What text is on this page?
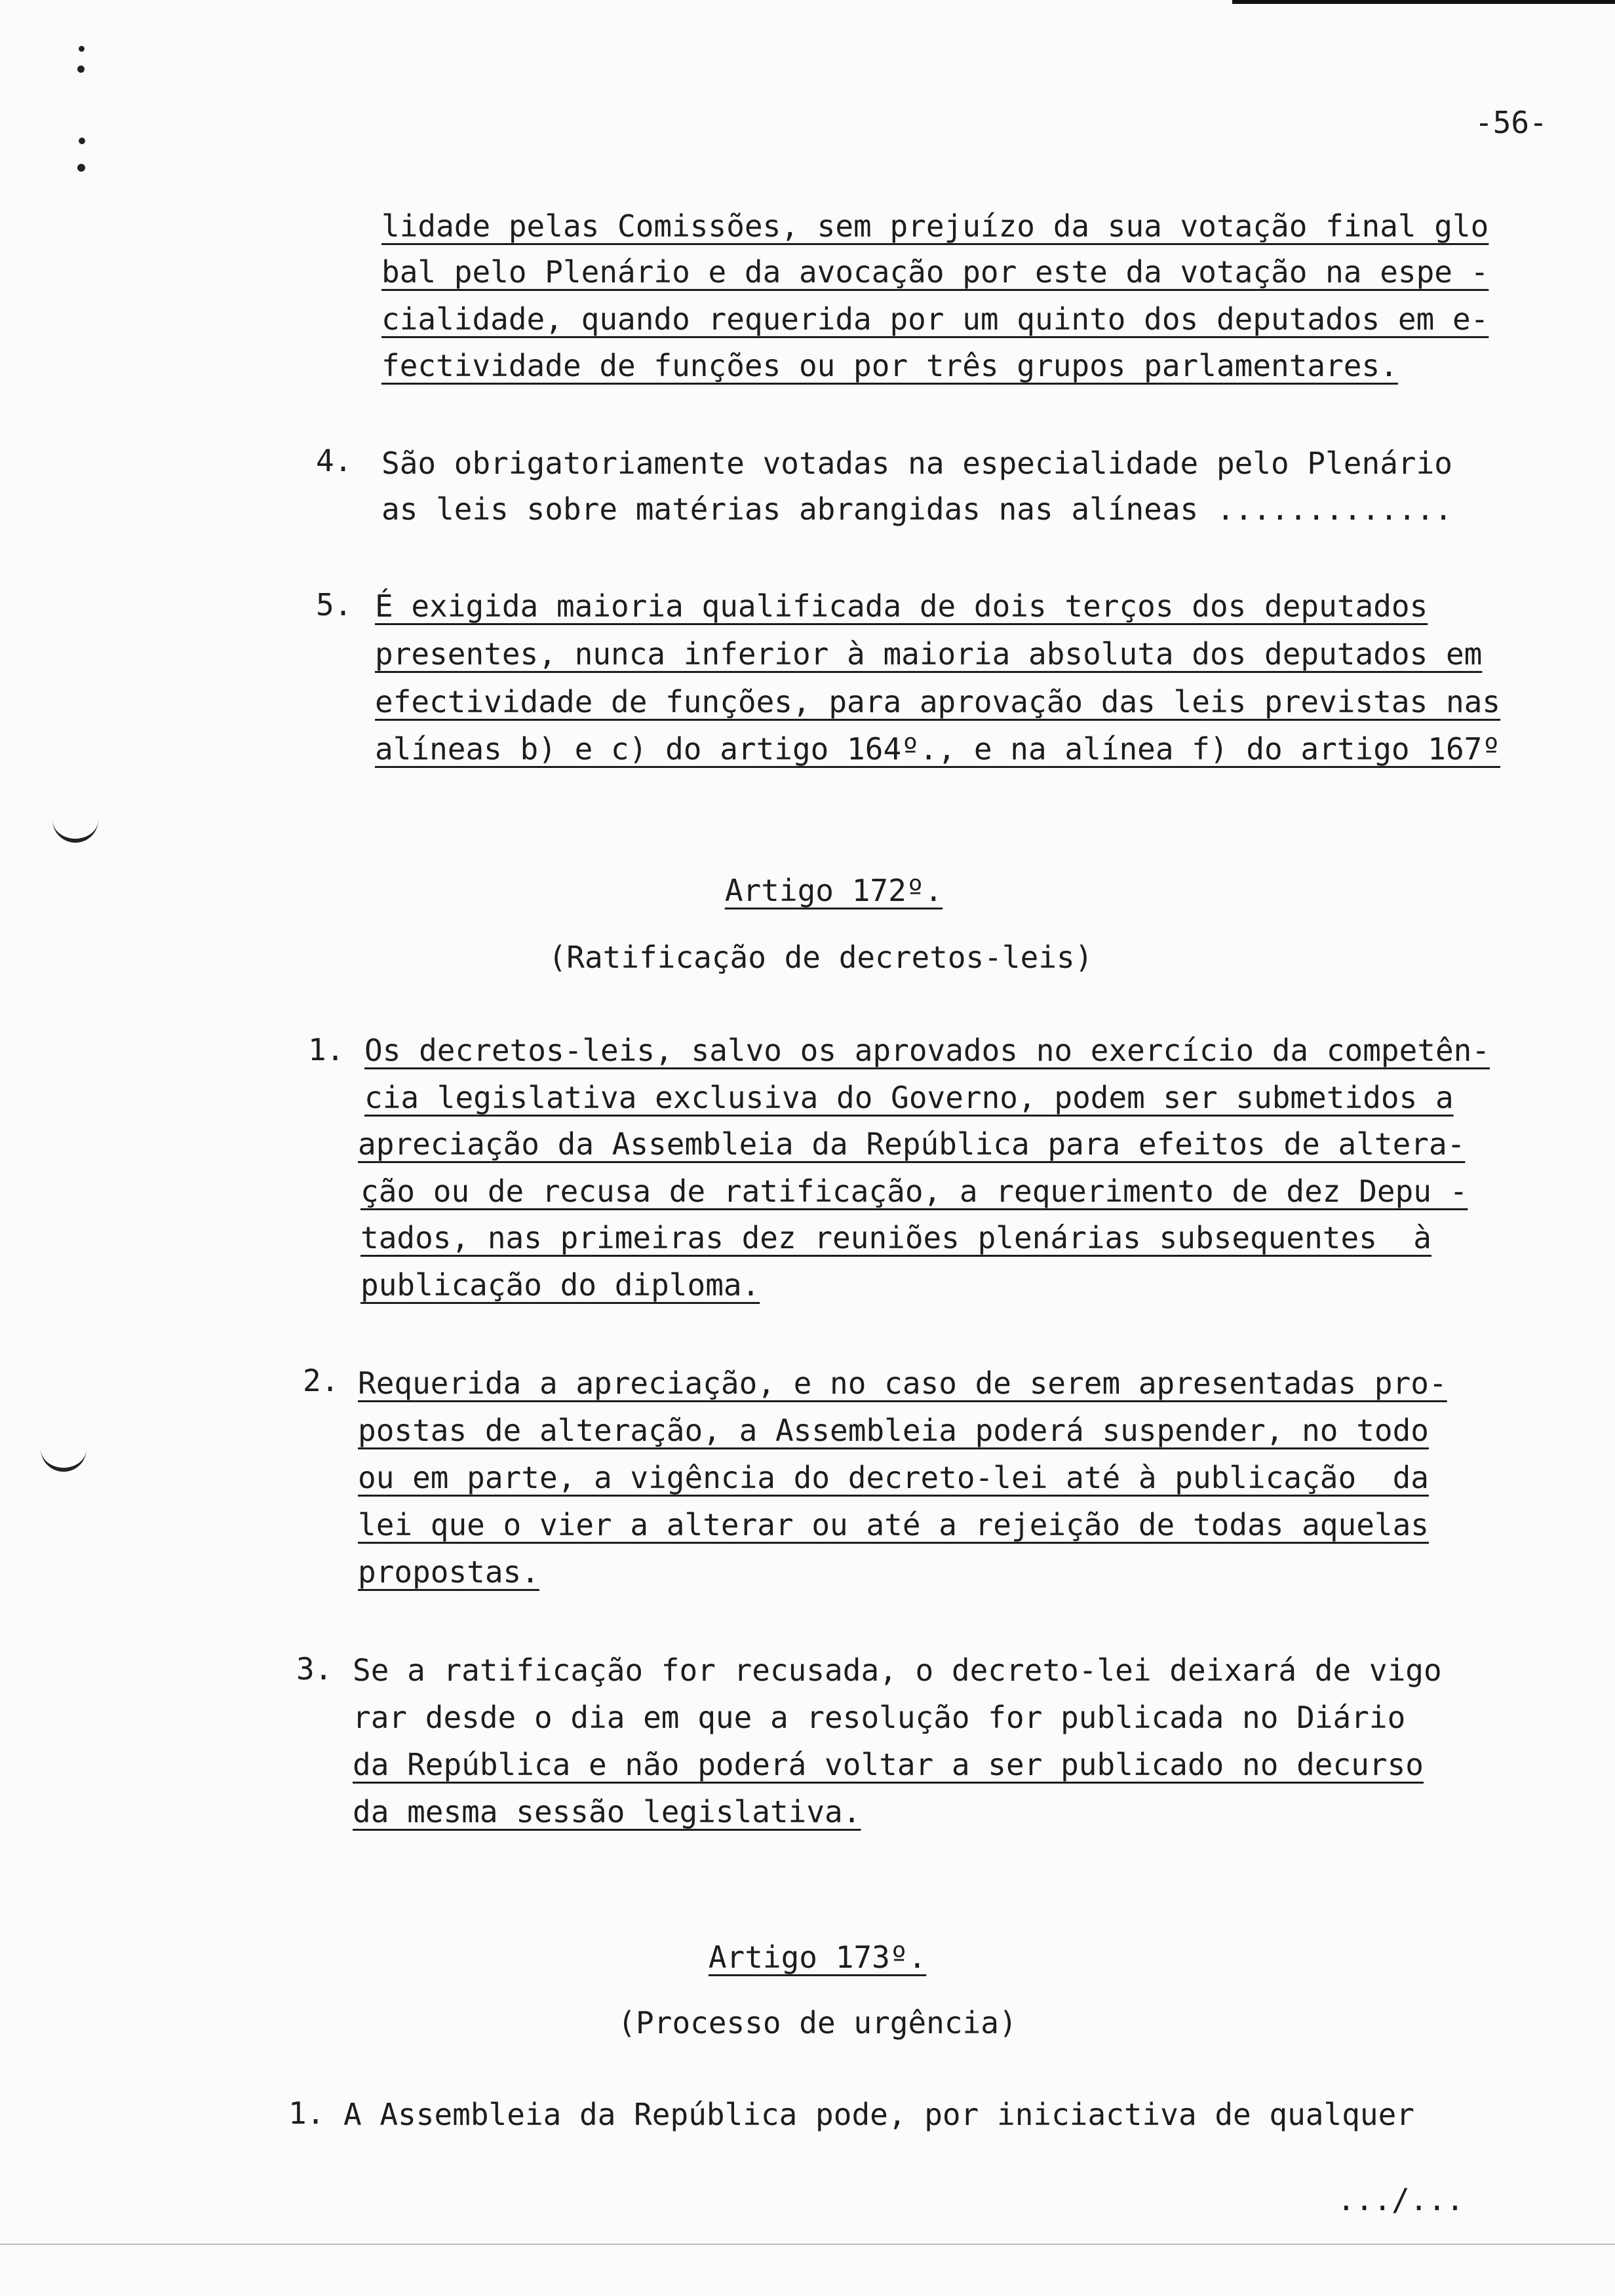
-56-
lidade pelas Comissões, sem prejuízo da sua votação final glo
bal pelo Plenário e da avocação por este da votação na espe -
cialidade, quando requerida por um quinto dos deputados em e-
fectividade de funções ou por três grupos parlamentares.
4. São obrigatoriamente votadas na especialidade pelo Plenário
as leis sobre matérias abrangidas nas alíneas .............
5. É exigida maioria qualificada de dois terços dos deputados
presentes, nunca inferior à maioria absoluta dos deputados em
efectividade de funções, para aprovação das leis previstas nas
alíneas b) e c) do artigo 164º., e na alínea f) do artigo 167º
Artigo 172º.
(Ratificação de decretos-leis)
1. Os decretos-leis, salvo os aprovados no exercício da competên-
cia legislativa exclusiva do Governo, podem ser submetidos a
apreciação da Assembleia da República para efeitos de altera-
ção ou de recusa de ratificação, a requerimento de dez Depu -
tados, nas primeiras dez reuniões plenárias subsequentes  à
publicação do diploma.
2. Requerida a apreciação, e no caso de serem apresentadas pro-
postas de alteração, a Assembleia poderá suspender, no todo
ou em parte, a vigência do decreto-lei até à publicação  da
lei que o vier a alterar ou até a rejeição de todas aquelas
propostas.
3. Se a ratificação for recusada, o decreto-lei deixará de vigo
rar desde o dia em que a resolução for publicada no Diário
da República e não poderá voltar a ser publicado no decurso
da mesma sessão legislativa.
Artigo 173º.
(Processo de urgência)
1. A Assembleia da República pode, por iniciactiva de qualquer
.../...
